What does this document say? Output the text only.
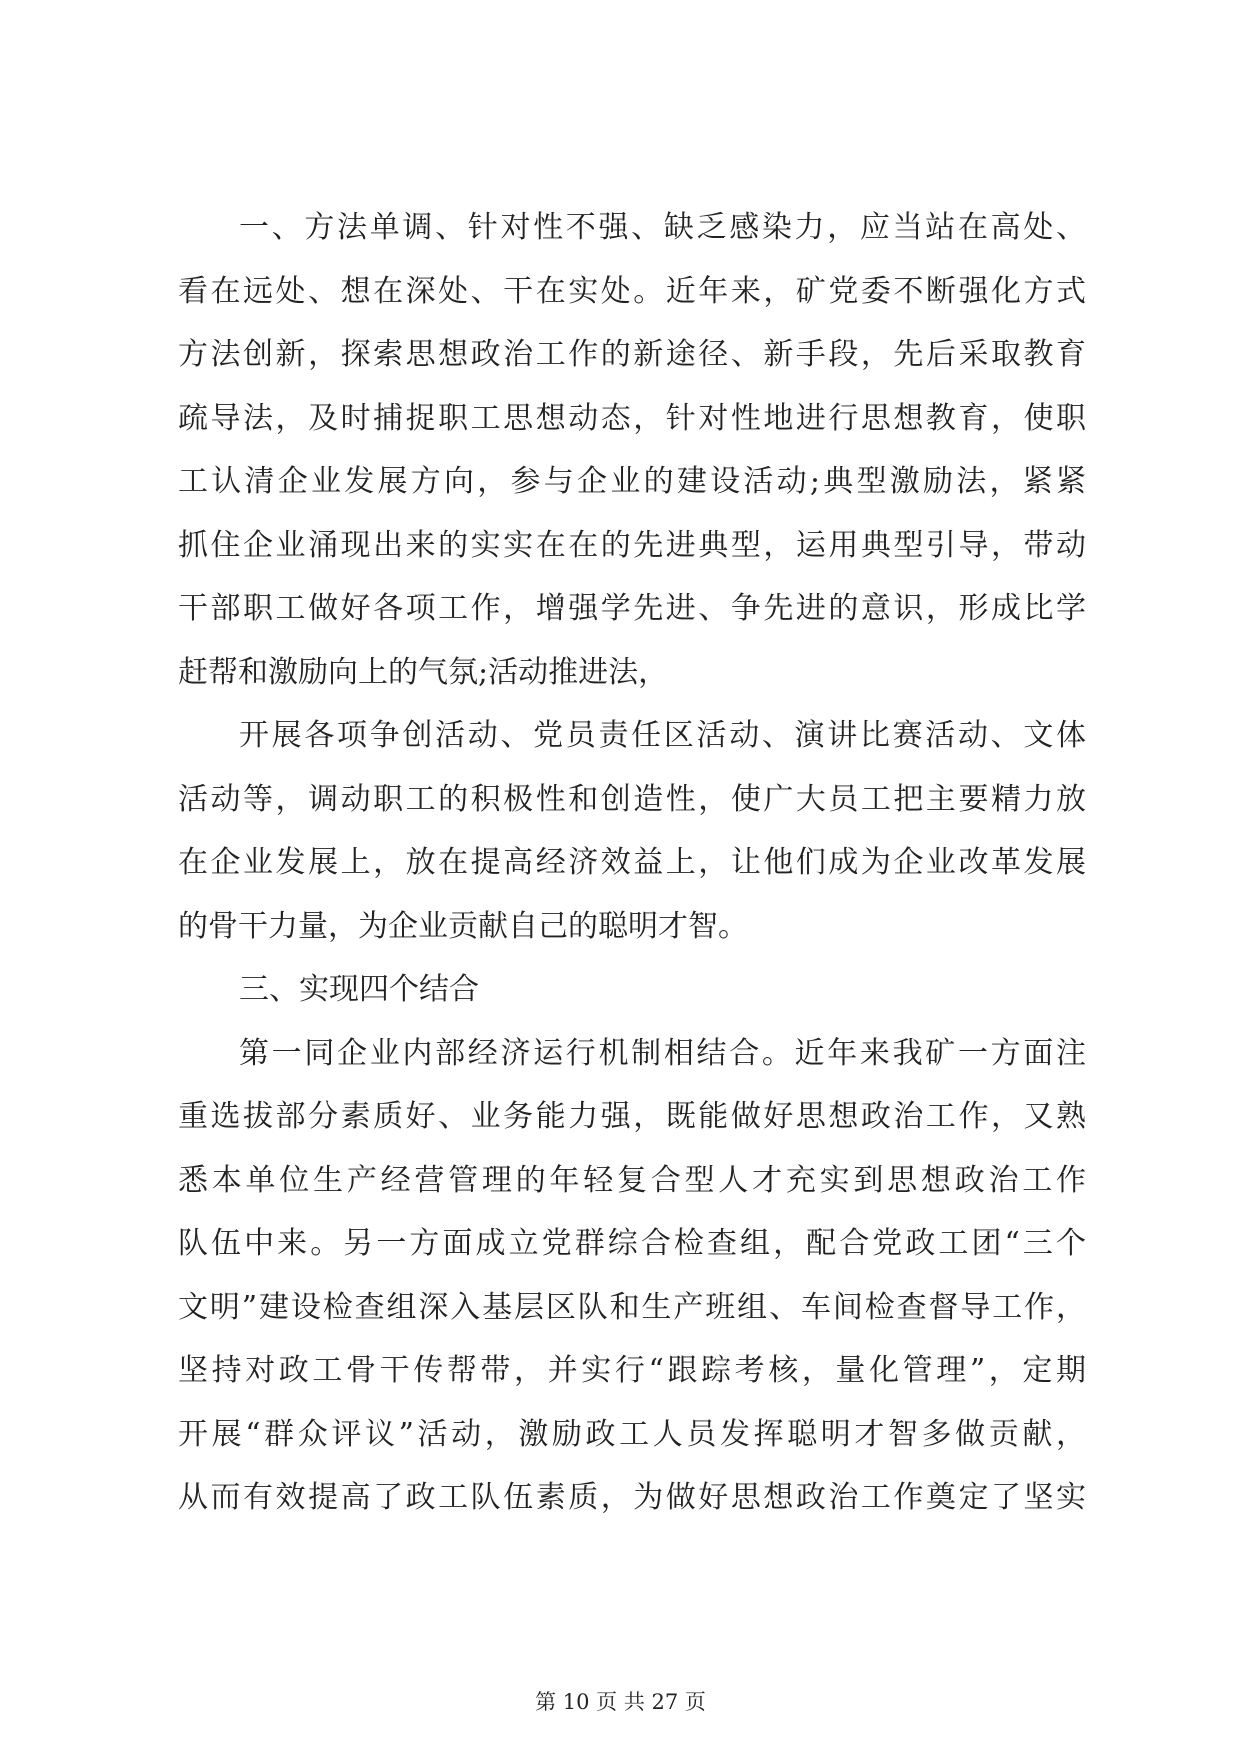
一、方法单调、针对性不强、缺乏感染力，应当站在高处、
看在远处、想在深处、干在实处。近年来，矿党委不断强化方式
方法创新，探索思想政治工作的新途径、新手段，先后采取教育
疏导法，及时捕捉职工思想动态，针对性地进行思想教育，使职
工认清企业发展方向，参与企业的建设活动;典型激励法，紧紧
抓住企业涌现出来的实实在在的先进典型，运用典型引导，带动
干部职工做好各项工作，增强学先进、争先进的意识，形成比学
赶帮和激励向上的气氛;活动推进法，
开展各项争创活动、党员责任区活动、演讲比赛活动、文体
活动等，调动职工的积极性和创造性，使广大员工把主要精力放
在企业发展上，放在提高经济效益上，让他们成为企业改革发展
的骨干力量，为企业贡献自己的聪明才智。
三、实现四个结合
第一同企业内部经济运行机制相结合。近年来我矿一方面注
重选拔部分素质好、业务能力强，既能做好思想政治工作，又熟
悉本单位生产经营管理的年轻复合型人才充实到思想政治工作
队伍中来。另一方面成立党群综合检查组，配合党政工团“三个
文明”建设检查组深入基层区队和生产班组、车间检查督导工作，
坚持对政工骨干传帮带，并实行“跟踪考核，量化管理”，定期
开展“群众评议”活动，激励政工人员发挥聪明才智多做贡献，
从而有效提高了政工队伍素质，为做好思想政治工作奠定了坚实
第 10 页 共 27 页
